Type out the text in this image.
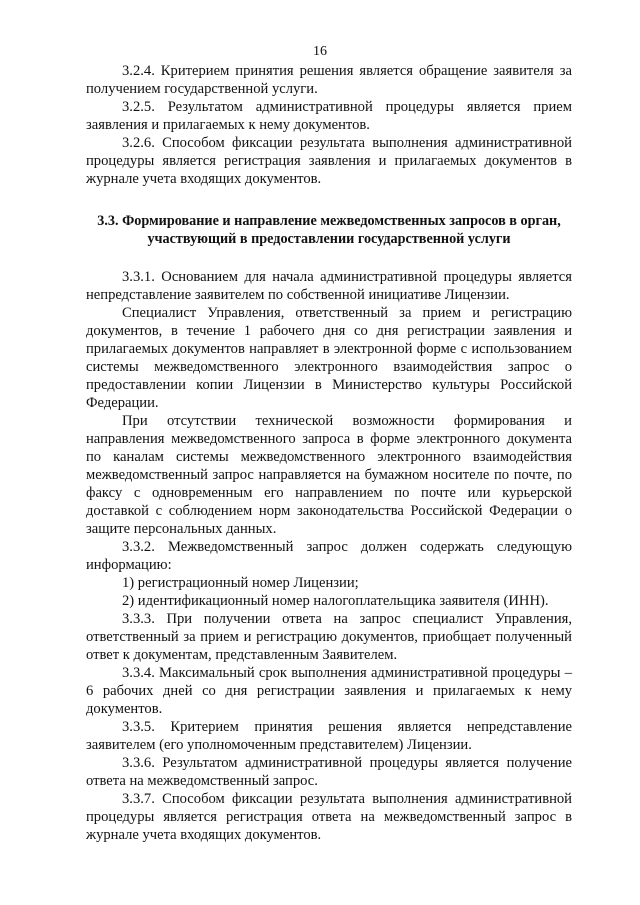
16

3.2.4. Критерием принятия решения является обращение заявителя за получением государственной услуги.

3.2.5. Результатом административной процедуры является прием заявления и прилагаемых к нему документов.

3.2.6. Способом фиксации результата выполнения административной процедуры является регистрация заявления и прилагаемых документов в журнале учета входящих документов.

3.3. Формирование и направление межведомственных запросов в орган,
участвующий в предоставлении государственной услуги

3.3.1. Основанием для начала административной процедуры является непредставление заявителем по собственной инициативе Лицензии.

Специалист Управления, ответственный за прием и регистрацию документов, в течение 1 рабочего дня со дня регистрации заявления и прилагаемых документов направляет в электронной форме с использованием системы межведомственного электронного взаимодействия запрос о предоставлении копии Лицензии в Министерство культуры Российской Федерации.

При отсутствии технической возможности формирования и направления межведомственного запроса в форме электронного документа по каналам системы межведомственного электронного взаимодействия межведомственный запрос направляется на бумажном носителе по почте, по факсу с одновременным его направлением по почте или курьерской доставкой с соблюдением норм законодательства Российской Федерации о защите персональных данных.

3.3.2. Межведомственный запрос должен содержать следующую информацию:

1) регистрационный номер Лицензии;

2) идентификационный номер налогоплательщика заявителя (ИНН).

3.3.3. При получении ответа на запрос специалист Управления, ответственный за прием и регистрацию документов, приобщает полученный ответ к документам, представленным Заявителем.

3.3.4. Максимальный срок выполнения административной процедуры – 6 рабочих дней со дня регистрации заявления и прилагаемых к нему документов.

3.3.5. Критерием принятия решения является непредставление заявителем (его уполномоченным представителем) Лицензии.

3.3.6. Результатом административной процедуры является получение ответа на межведомственный запрос.

3.3.7. Способом фиксации результата выполнения административной процедуры является регистрация ответа на межведомственный запрос в журнале учета входящих документов.
